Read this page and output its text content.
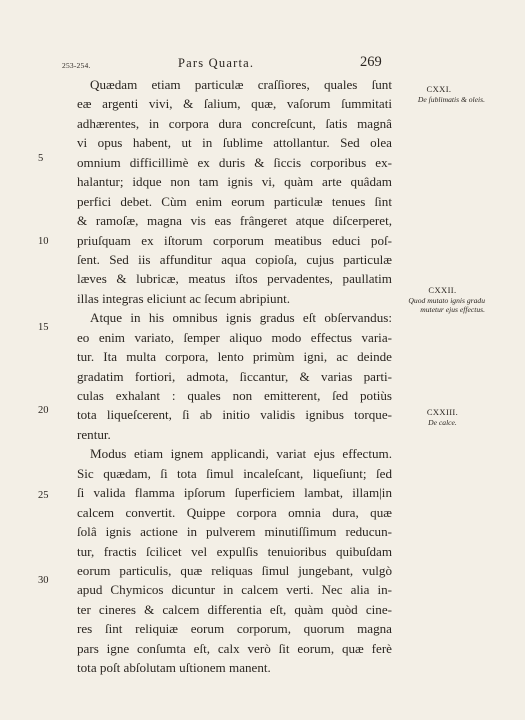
253-254.	Pars Quarta.	269
Quædam etiam particulæ craſſiores, quales ſunt
eæ argenti vivi, & ſalium, quæ, vaſorum ſummitati
adhærentes, in corpora dura concreſcunt, ſatis magnâ
vi opus habent, ut in ſublime attollantur. Sed olea
omnium difficillimè ex duris & ſiccis corporibus ex-
halantur; idque non tam ignis vi, quàm arte quâdam
perfici debet. Cùm enim eorum particulæ tenues ſint
& ramoſæ, magna vis eas frângeret atque diſcerperet,
priuſquam ex iſtorum corporum meatibus educi poſ-
ſent. Sed iis affunditur aqua copioſa, cujus particulæ
læves & lubricæ, meatus iſtos pervadentes, paullatim
illas integras eliciunt ac ſecum abripiunt.
Atque in his omnibus ignis gradus eſt obſervandus:
eo enim variato, ſemper aliquo modo effectus varia-
tur. Ita multa corpora, lento primùm igni, ac deinde
gradatim fortiori, admota, ſiccantur, & varias parti-
culas exhalant : quales non emitterent, ſed potiùs
tota liqueſcerent, ſi ab initio validis ignibus torque-
rentur.
Modus etiam ignem applicandi, variat ejus effectum.
Sic quædam, ſi tota ſimul incaleſcant, liqueſiunt; ſed
ſi valida flamma ipſorum ſuperficiem lambat, illam|in
calcem convertit. Quippe corpora omnia dura, quæ
ſolâ ignis actione in pulverem minutiſſimum reducun-
tur, fractis ſcilicet vel expulſis tenuioribus quibuſdam
eorum particulis, quæ reliquas ſimul jungebant, vulgò
apud Chymicos dicuntur in calcem verti. Nec alia in-
ter cineres & calcem differentia eſt, quàm quòd cine-
res ſint reliquiæ eorum corporum, quorum magna
pars igne conſumta eſt, calx verò ſit eorum, quæ ferè
tota poſt abſolutam uſtionem manent.
5
10
15
20
25
30
CXXI.
De ſublimatis & oleis.
CXXII.
Quod mutato ignis gradu mutetur ejus effectus.
CXXIII.
De calce.
